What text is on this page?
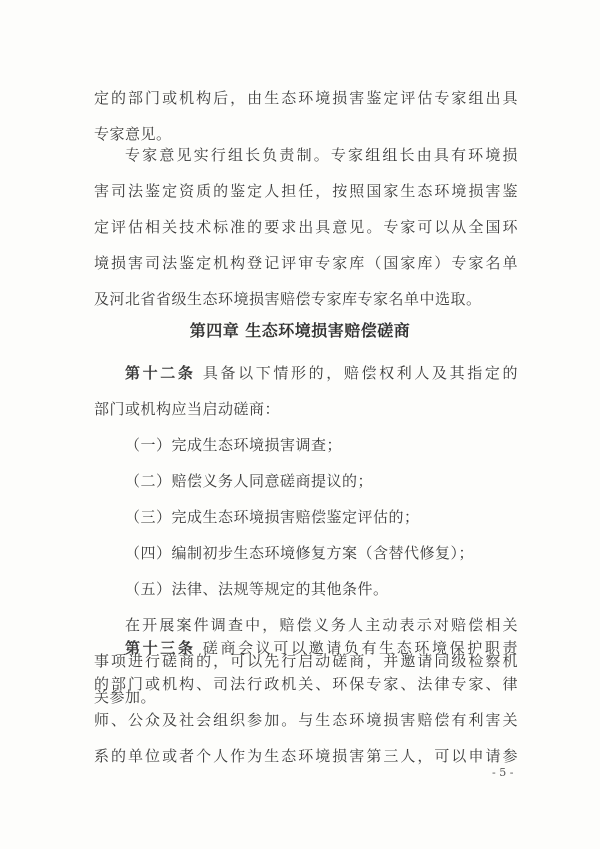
定的部门或机构后，由生态环境损害鉴定评估专家组出具
专家意见。
专家意见实行组长负责制。专家组组长由具有环境损
害司法鉴定资质的鉴定人担任，按照国家生态环境损害鉴
定评估相关技术标准的要求出具意见。专家可以从全国环
境损害司法鉴定机构登记评审专家库（国家库）专家名单
及河北省省级生态环境损害赔偿专家库专家名单中选取。
第四章 生态环境损害赔偿磋商
第十二条 具备以下情形的，赔偿权利人及其指定的
部门或机构应当启动磋商：
（一）完成生态环境损害调查；
（二）赔偿义务人同意磋商提议的；
（三）完成生态环境损害赔偿鉴定评估的；
（四）编制初步生态环境修复方案（含替代修复）；
（五）法律、法规等规定的其他条件。
在开展案件调查中，赔偿义务人主动表示对赔偿相关
事项进行磋商的，可以先行启动磋商，并邀请同级检察机
关参加。
第十三条 磋商会议可以邀请负有生态环境保护职责
的部门或机构、司法行政机关、环保专家、法律专家、律
师、公众及社会组织参加。与生态环境损害赔偿有利害关
系的单位或者个人作为生态环境损害第三人，可以申请参
- 5 -
